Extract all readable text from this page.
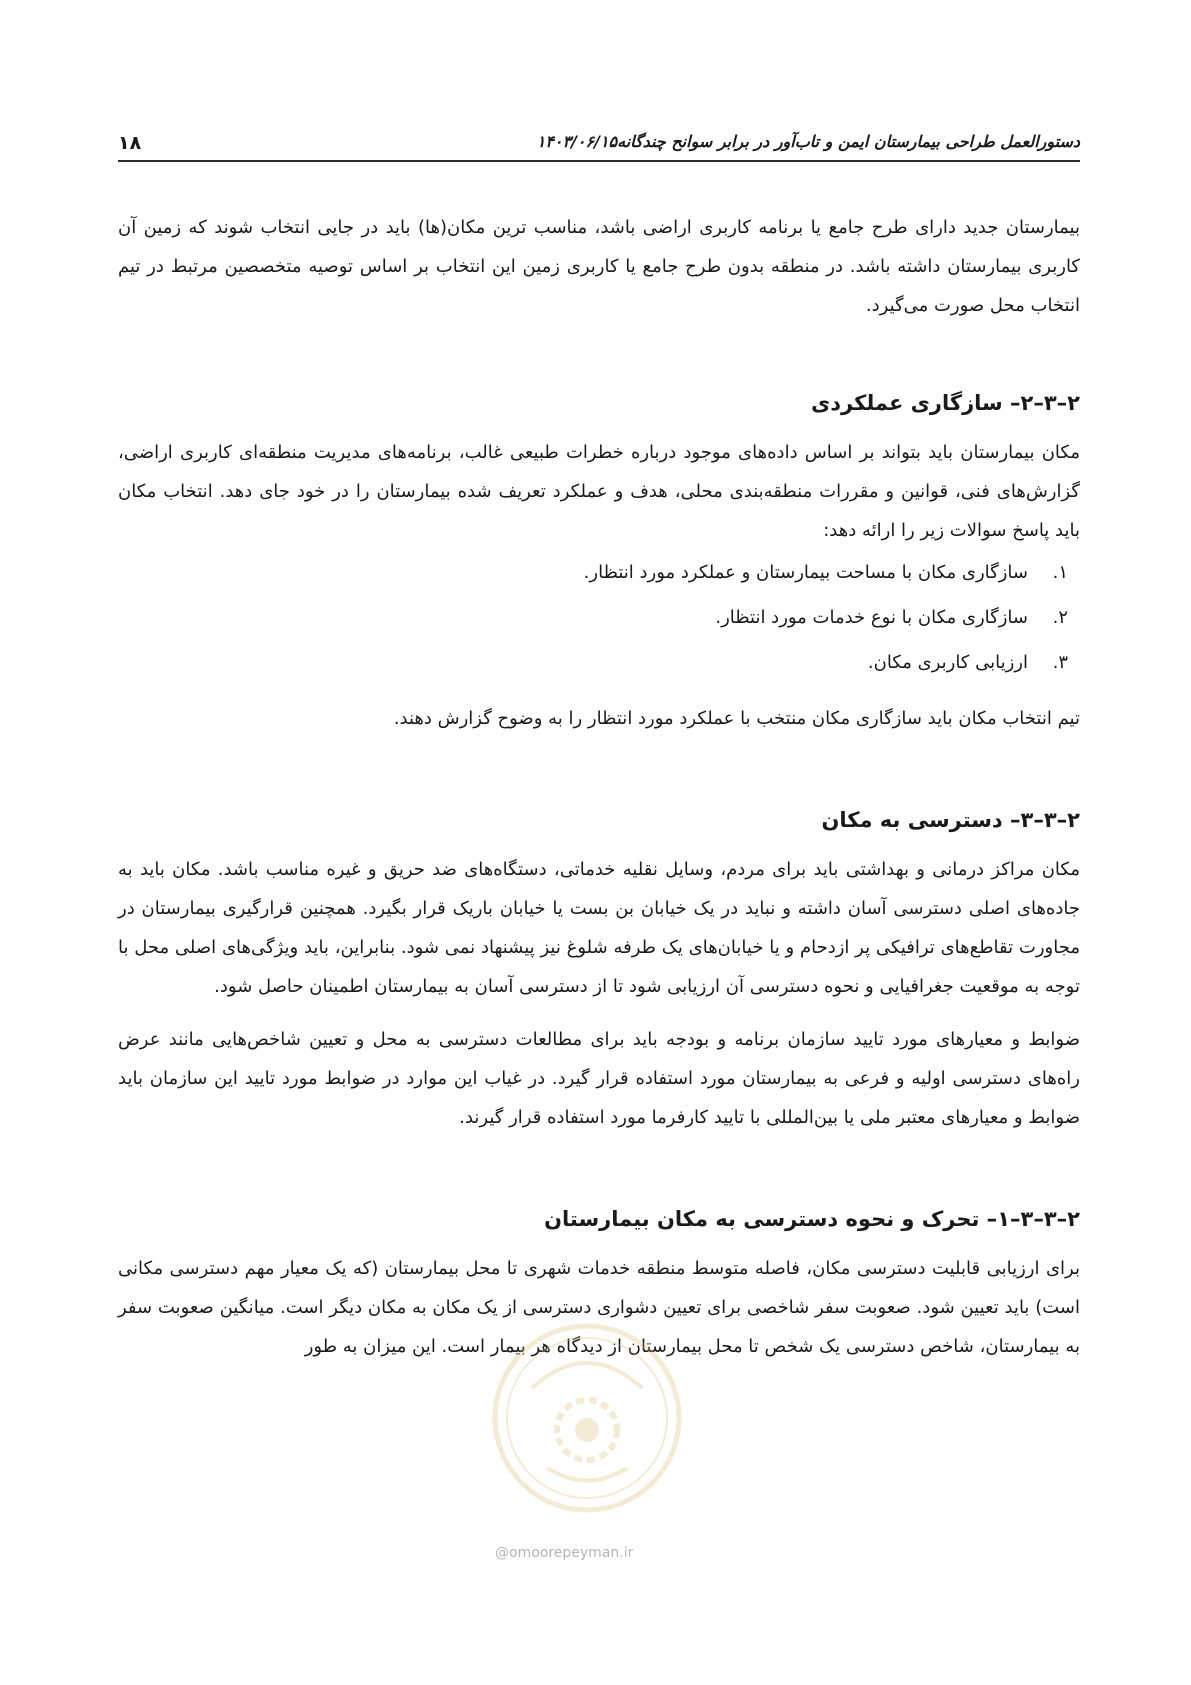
۱۸	دستورالعمل طراحی بیمارستان ایمن و تاب‌آور در برابر سوانح چندگانه۱۴۰۳/۰۶/۱۵

بیمارستان جدید دارای طرح جامع یا برنامه کاربری اراضی باشد، مناسب ترین مکان(ها) باید در جایی انتخاب شوند که زمین آن کاربری بیمارستان داشته باشد. در منطقه بدون طرح جامع یا کاربری زمین این انتخاب بر اساس توصیه متخصصین مرتبط در تیم انتخاب محل صورت می‌گیرد.

۲–۳–۲– سازگاری عملکردی

مکان بیمارستان باید بتواند بر اساس داده‌های موجود درباره خطرات طبیعی غالب، برنامه‌های مدیریت منطقه‌ای کاربری اراضی، گزارش‌های فنی، قوانین و مقررات منطقه‌بندی محلی، هدف و عملکرد تعریف شده بیمارستان را در خود جای دهد. انتخاب مکان باید پاسخ سوالات زیر را ارائه دهد:

۱.سازگاری مکان با مساحت بیمارستان و عملکرد مورد انتظار.
۲.سازگاری مکان با نوع خدمات مورد انتظار.
۳.ارزیابی کاربری مکان.

تیم انتخاب مکان باید سازگاری مکان منتخب با عملکرد مورد انتظار را به وضوح گزارش دهند.

۲–۳–۳– دسترسی به مکان

مکان مراکز درمانی و بهداشتی باید برای مردم، وسایل نقلیه خدماتی، دستگاه‌های ضد حریق و غیره مناسب باشد. مکان باید به جاده‌های اصلی دسترسی آسان داشته و نباید در یک خیابان بن بست یا خیابان باریک قرار بگیرد. همچنین قرارگیری بیمارستان در مجاورت تقاطع‌های ترافیکی پر ازدحام و یا خیابان‌های یک طرفه شلوغ نیز پیشنهاد نمی شود. بنابراین، باید ویژگی‌های اصلی محل با توجه به موقعیت جغرافیایی و نحوه دسترسی آن ارزیابی شود تا از دسترسی آسان به بیمارستان اطمینان حاصل شود.

ضوابط و معیارهای مورد تایید سازمان برنامه و بودجه باید برای مطالعات دسترسی به محل و تعیین شاخص‌هایی مانند عرض راه‌های دسترسی اولیه و فرعی به بیمارستان مورد استفاده قرار گیرد. در غیاب این موارد در ضوابط مورد تایید این سازمان باید ضوابط و معیارهای معتبر ملی یا بین‌المللی با تایید کارفرما مورد استفاده قرار گیرند.

۲–۳–۳–۱– تحرک و نحوه دسترسی به مکان بیمارستان

برای ارزیابی قابلیت دسترسی مکان، فاصله متوسط منطقه خدمات شهری تا محل بیمارستان (که یک معیار مهم دسترسی مکانی است) باید تعیین شود. صعوبت سفر شاخصی برای تعیین دشواری دسترسی از یک مکان به مکان دیگر است. میانگین صعوبت سفر به بیمارستان، شاخص دسترسی یک شخص تا محل بیمارستان از دیدگاه هر بیمار است. این میزان به طور

@omoorepeyman.ir
